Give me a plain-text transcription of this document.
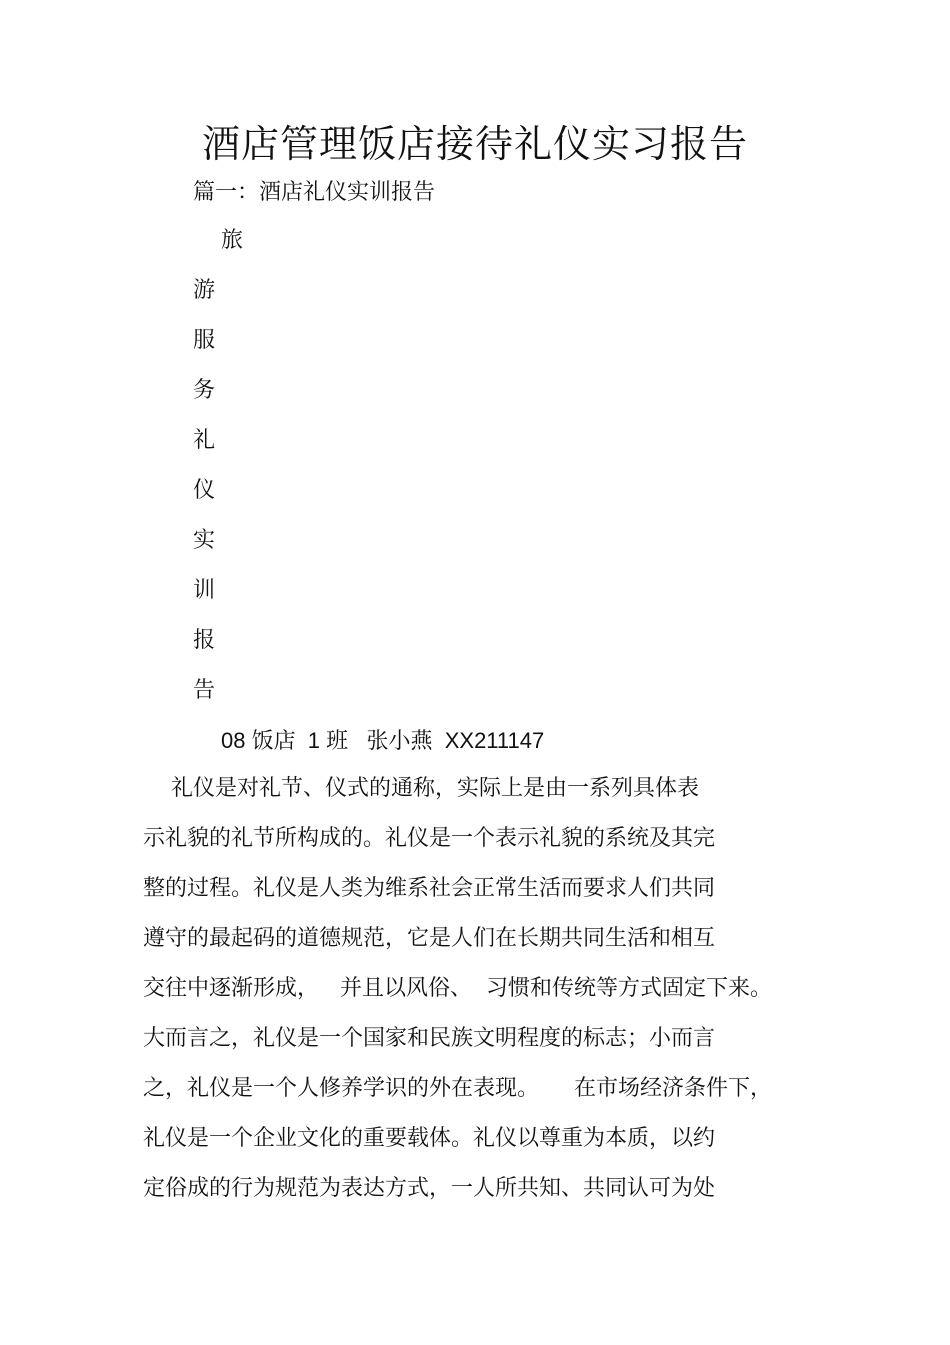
酒店管理饭店接待礼仪实习报告
篇一：酒店礼仪实训报告
旅
游
服
务
礼
仪
实
训
报
告
08 饭店  1 班   张小燕  XX211147
礼仪是对礼节、仪式的通称，实际上是由一系列具体表
示礼貌的礼节所构成的。礼仪是一个表示礼貌的系统及其完
整的过程。礼仪是人类为维系社会正常生活而要求人们共同
遵守的最起码的道德规范，它是人们在长期共同生活和相互
交往中逐渐形成，   并且以风俗、  习惯和传统等方式固定下来。
大而言之，礼仪是一个国家和民族文明程度的标志；小而言
之，礼仪是一个人修养学识的外在表现。     在市场经济条件下，
礼仪是一个企业文化的重要载体。礼仪以尊重为本质，以约
定俗成的行为规范为表达方式，一人所共知、共同认可为处
